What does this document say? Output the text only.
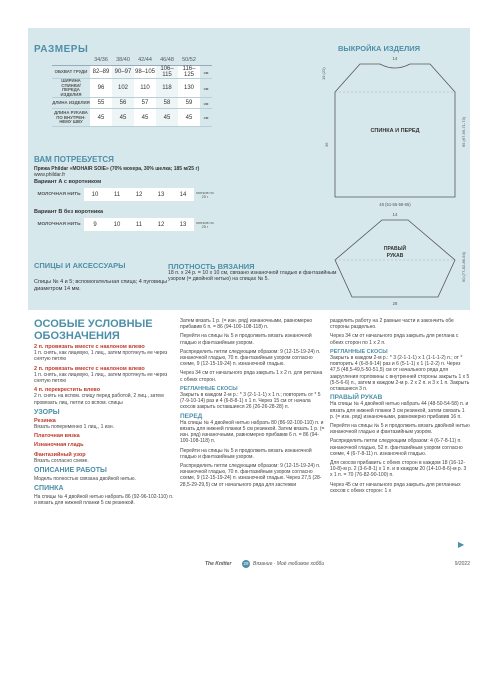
РАЗМЕРЫ
	34/36	38/40	42/44	46/48	50/52	
ОБХВАТ ГРУДИ	82–89	90–97	98–105	106–115	116–125	см
ШИРИНА СПИНКИ/ ПЕРЕДА ИЗДЕЛИЯ	96	102	110	118	130	см
ДЛИНА ИЗДЕЛИЯ	55	56	57	58	59	см
ДЛИНА РУКАВА ПО ВНУТРЕН- НЕМУ ШВУ	45	45	45	45	45	см
ВАМ ПОТРЕБУЕТСЯ
Пряжа Phildar «MOHAIR SOIE» (70% мохера, 30% шелка; 185 м/25 г)
www.phildar.fr
Вариант А с воротником
МОЛОЧНАЯ НИТЬ	10	11	12	13	14	мотков по 25 г
Вариант В без воротника
МОЛОЧНАЯ НИТЬ	9	10	11	12	13	мотков по 25 г
СПИЦЫ И АКСЕССУАРЫ
Спицы № 4 и 5; вспомогательная спица; 4 пуговицы диаметром 14 мм.
ПЛОТНОСТЬ ВЯЗАНИЯ
18 п. x 24 р. = 10 x 10 см, связано изнаночной гладью и фантазийным узором (= двойной нитью) на спицах № 5.
ВЫКРОЙКА ИЗДЕЛИЯ
СПИНКА И ПЕРЕД
14
19 (22)
36
48 (51-55-59-65)
65 (67-69-71-73)
ПРАВЫЙ
РУКАВ
14
28
90 (77-82-86-94)
ОСОБЫЕ УСЛОВНЫЕ ОБОЗНАЧЕНИЯ
2 п. провязать вместе с наклоном влево
1 п. снять, как лицевую, 1 лиц., затем протянуть ее через снятую петлю
2 п. провязать вместе с наклоном влево
1 п. снять, как лицевую, 1 лиц., затем протянуть ее через снятую петлю
4 п. перекрестить влево
2 п. снять на вспом. спицу перед работой, 2 лиц., затем провязать лиц. петли со вспом. спицы
УЗОРЫ
Резинка
Вязать попеременно 1 лиц., 1 изн.
Платочная вязка
Изнаночная гладь
Фантазийный узор
Вязать согласно схеме.
ОПИСАНИЕ РАБОТЫ
Модель полностью связана двойной нитью.
СПИНКА
На спицы № 4 двойной нитью набрать 86 (92-96-102-110) п. и вязать для нижней планки 5 см резинкой.
Затем вязать 1 р. (= изн. ряд) изнаночными, равномерно прибавив 6 п. = 86 (94-100-108-118) п.
Перейти на спицы № 5 и продолжить вязать изнаночной гладью и фантазийным узором.
Распределить петли следующим образом: 9 (12-15-19-24) п. изнаночной гладью, 70 п. фантазийным узором согласно схеме, 9 (12-15-19-24) п. изнаночной гладью.
Через 34 см от начального ряда закрыть 1 х 2 п. для реглана с обеих сторон.
РЕГЛАННЫЕ СКОСЫ
Закрыть в каждом 2-м р.: * 3 (2-1-1-1) x 1 п.; повторить от * 5 (7-9-10-14) раз и 4 (6-8-8-1) x 1 п. Через 15 см от начала скосов закрыть оставшиеся 26 (26-26-28-28) п.
ПЕРЕД
На спицы № 4 двойной нитью набрать 80 (86-92-100-110) п. и вязать для нижней планки 5 см резинкой. Затем вязать 1 р. (= изн. ряд) изнаночными, равномерно прибавив 6 п. = 86 (94-100-108-118) п.
Перейти на спицы № 5 и продолжить вязать изнаночной гладью и фантазийным узором.
Распределить петли следующим образом: 9 (12-15-19-24) п. изнаночной гладью, 70 п. фантазийным узором согласно схеме, 9 (12-15-19-24) п. изнаночной гладью. Через 27,5 (28-28,5-29-29,5) см от начального ряда для застежки
разделить работу на 2 равные части и закончить обе стороны раздельно.
Через 34 см от начального ряда закрыть для реглана с обеих сторон по 1 х 2 п.
РЕГЛАННЫЕ СКОСЫ
Закрыть в каждом 2-м р.: * 3 (2-1-1-1) x 1 (1-1-1-2) п.; от * повторить 4 (6-8-9-14) раз и 6 (5-1-1) x 1 (1-2-2) п. Через 47,5 (48,5-49,5-50-51,5) см от начального ряда для закругления горловины с внутренней стороны закрыть 1 x 5 (5-5-6-6) п., затем в каждом 2-м р. 2 x 2 п. и 3 x 1 п. Закрыть оставшиеся 3 п.
ПРАВЫЙ РУКАВ
На спицы № 4 двойной нитью набрать 44 (48-50-54-58) п. и вязать для нижней планки 3 см резинкой, затем связать 1 р. (= изн. ряд) изнаночными, равномерно прибавив 16 п.
Перейти на спицы № 5 и продолжить вязать двойной нитью изнаночной гладью и фантазийным узором.
Распределить петли следующим образом: 4 (6-7-8-11) п. изнаночной гладью, 52 п. фантазийным узором согласно схеме, 4 (6-7-8-11) п. изнаночной гладью.
Для скосов прибавить с обеих сторон в каждом 18 (16-12-10-8)-м р. 2 (3-6-8-1) x 1 п. и в каждом 20 (14-10-8-6)-м р. 3 x 1 п. = 70 (76-82-90-100) п.
Через 45 см от начального ряда закрыть для регланных скосов с обеих сторон: 1 x
▶
The Knitter	29 Вязание · Моё любимое хобби	9/2022
